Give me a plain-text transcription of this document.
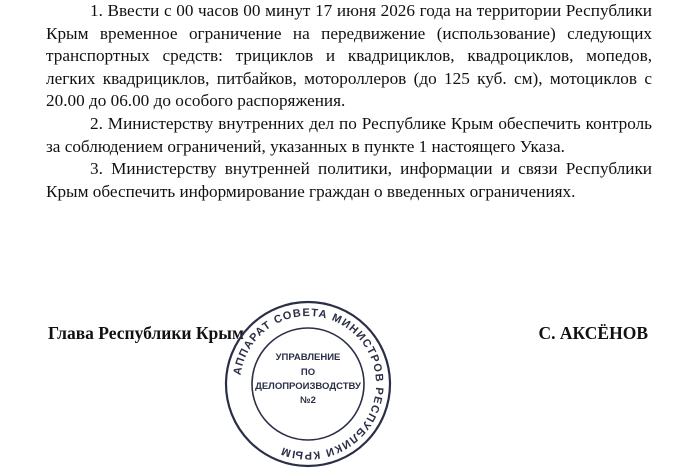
1. Ввести с 00 часов 00 минут 17 июня 2026 года на территории Республики Крым временное ограничение на передвижение (использование) следующих транспортных средств: трициклов и квадрициклов, квадроциклов, мопедов, легких квадрициклов, питбайков, мотороллеров (до 125 куб. см), мотоциклов с 20.00 до 06.00 до особого распоряжения.

2. Министерству внутренних дел по Республике Крым обеспечить контроль за соблюдением ограничений, указанных в пункте 1 настоящего Указа.

3. Министерству внутренней политики, информации и связи Республики Крым обеспечить информирование граждан о введенных ограничениях.

Глава Республики Крым	С. АКСЁНОВ
АППАРАТ СОВЕТА МИНИСТРОВ РЕСПУБЛИКИ КРЫМ
УПРАВЛЕНИЕ
ПО
ДЕЛОПРОИЗВОДСТВУ
№2
